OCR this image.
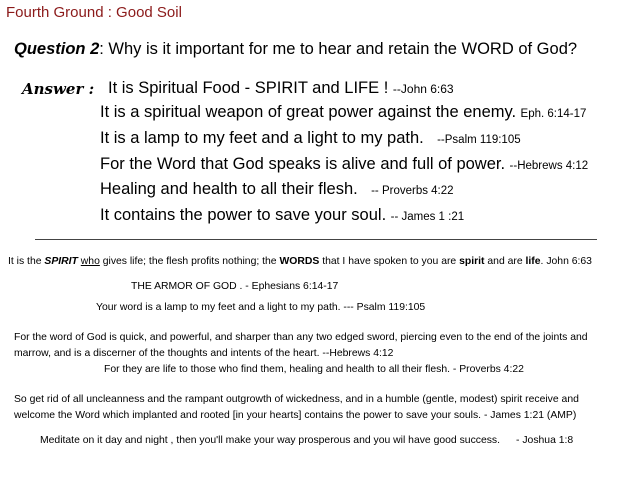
Fourth Ground : Good Soil
Question 2: Why is it important for me to hear and retain the WORD of God?
Answer : It is Spiritual Food - SPIRIT and LIFE ! --John 6:63
It is a spiritual weapon of great power against the enemy. Eph. 6:14-17
It is a lamp to my feet and a light to my path. --Psalm 119:105
For the Word that God speaks is alive and full of power. --Hebrews 4:12
Healing and health to all their flesh. -- Proverbs 4:22
It contains the power to save your soul. -- James 1 :21
It is the SPIRIT who gives life; the flesh profits nothing; the WORDS that I have spoken to you are spirit and are life. John 6:63
THE ARMOR OF GOD . - Ephesians 6:14-17
Your word is a lamp to my feet and a light to my path. --- Psalm 119:105
For the word of God is quick, and powerful, and sharper than any two edged sword, piercing even to the end of the joints and marrow, and is a discerner of the thoughts and intents of the heart. --Hebrews 4:12
For they are life to those who find them, healing and health to all their flesh. - Proverbs 4:22
So get rid of all uncleanness and the rampant outgrowth of wickedness, and in a humble (gentle, modest) spirit receive and welcome the Word which implanted and rooted [in your hearts] contains the power to save your souls. - James 1:21 (AMP)
Meditate on it day and night , then you'll make your way prosperous and you wil have good success. - Joshua 1:8
